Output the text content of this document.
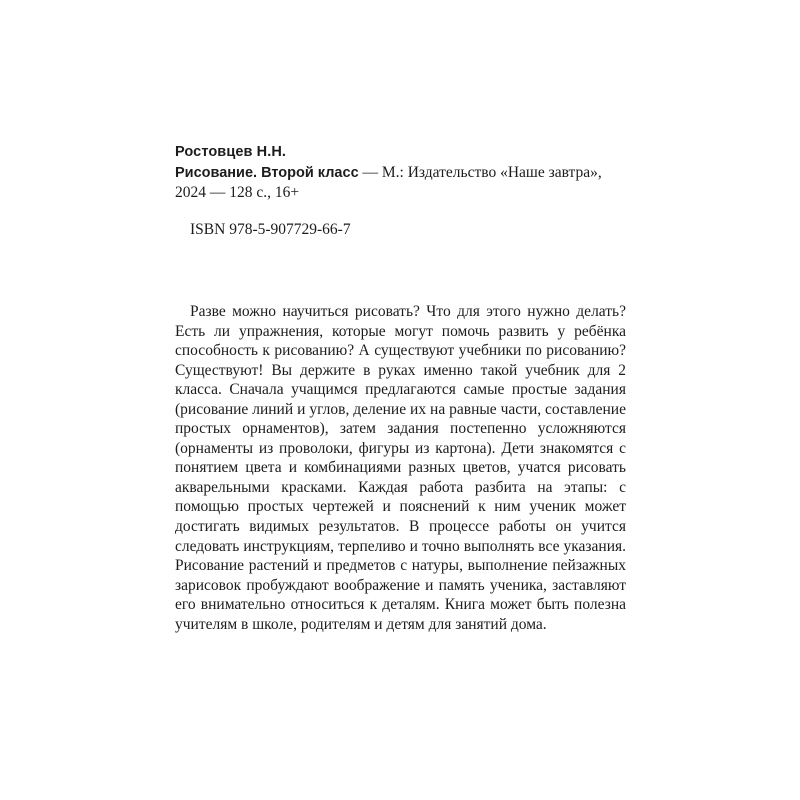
Ростовцев Н.Н.

Рисование. Второй класс — М.: Издательство «Наше завтра»,
2024 — 128 с., 16+

ISBN 978-5-907729-66-7

Разве можно научиться рисовать? Что для этого нужно делать? Есть ли упражнения, которые могут помочь развить у ребёнка способность к рисованию? А существуют учебники по рисованию? Существуют! Вы держите в руках именно такой учебник для 2 класса. Сначала учащимся предлагаются самые простые задания (рисование линий и углов, деление их на равные части, составление простых орнаментов), затем задания постепенно усложняются (орнаменты из проволоки, фигуры из картона). Дети знакомятся с понятием цвета и комбинациями разных цветов, учатся рисовать акварельными красками. Каждая работа разбита на этапы: с помощью простых чертежей и пояснений к ним ученик может достигать видимых результатов. В процессе работы он учится следовать инструкциям, терпеливо и точно выполнять все указания. Рисование растений и предметов с натуры, выполнение пейзажных зарисовок пробуждают воображение и память ученика, заставляют его внимательно относиться к деталям. Книга может быть полезна учителям в школе, родителям и детям для занятий дома.
